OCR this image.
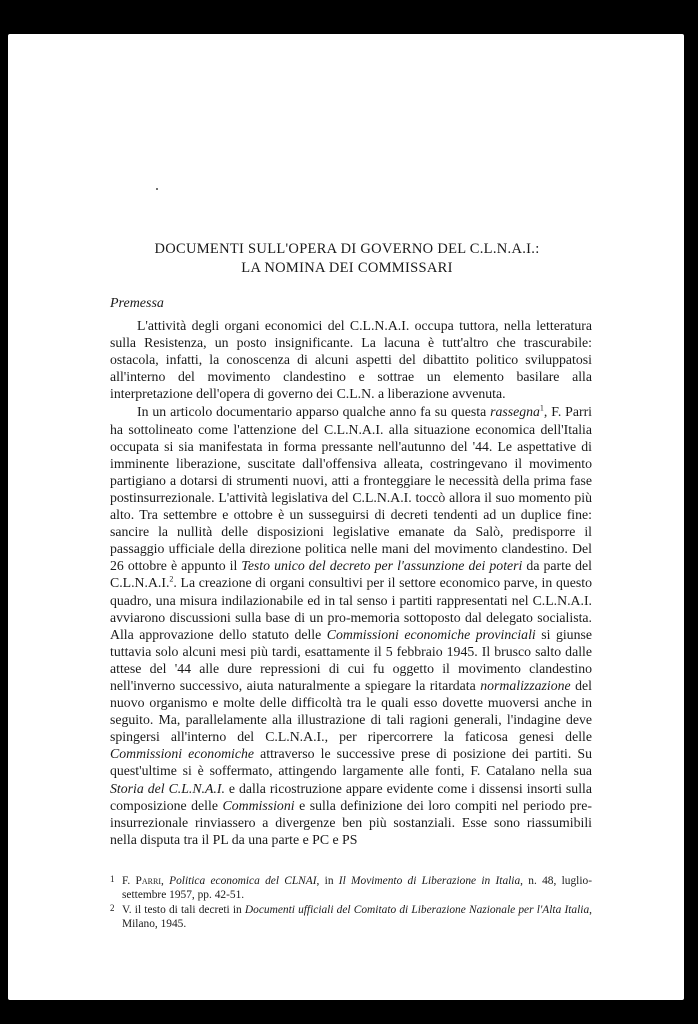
DOCUMENTI SULL'OPERA DI GOVERNO DEL C.L.N.A.I.:
LA NOMINA DEI COMMISSARI
Premessa

L'attività degli organi economici del C.L.N.A.I. occupa tuttora, nella letteratura sulla Resistenza, un posto insignificante. La lacuna è tutt'altro che trascurabile: ostacola, infatti, la conoscenza di alcuni aspetti del dibattito politico sviluppatosi all'interno del movimento clandestino e sottrae un elemento basilare alla interpretazione dell'opera di governo dei C.L.N. a liberazione avvenuta.

In un articolo documentario apparso qualche anno fa su questa rassegna$^1$, F. Parri ha sottolineato come l'attenzione del C.L.N.A.I. alla situazione economica dell'Italia occupata si sia manifestata in forma pressante nell'autunno del '44. Le aspettative di imminente liberazione, suscitate dall'offensiva alleata, costringevano il movimento partigiano a dotarsi di strumenti nuovi, atti a fronteggiare le necessità della prima fase postinsurrezionale. L'attività legislativa del C.L.N.A.I. toccò allora il suo momento più alto. Tra settembre e ottobre è un susseguirsi di decreti tendenti ad un duplice fine: sancire la nullità delle disposizioni legislative emanate da Salò, predisporre il passaggio ufficiale della direzione politica nelle mani del movimento clandestino. Del 26 ottobre è appunto il Testo unico del decreto per l'assunzione dei poteri da parte del C.L.N.A.I.$^2$. La creazione di organi consultivi per il settore economico parve, in questo quadro, una misura indilazionabile ed in tal senso i partiti rappresentati nel C.L.N.A.I. avviarono discussioni sulla base di un pro-memoria sottoposto dal delegato socialista. Alla approvazione dello statuto delle Commissioni economiche provinciali si giunse tuttavia solo alcuni mesi più tardi, esattamente il 5 febbraio 1945. Il brusco salto dalle attese del '44 alle dure repressioni di cui fu oggetto il movimento clandestino nell'inverno successivo, aiuta naturalmente a spiegare la ritardata normalizzazione del nuovo organismo e molte delle difficoltà tra le quali esso dovette muoversi anche in seguito. Ma, parallelamente alla illustrazione di tali ragioni generali, l'indagine deve spingersi all'interno del C.L.N.A.I., per ripercorrere la faticosa genesi delle Commissioni economiche attraverso le successive prese di posizione dei partiti. Su quest'ultime si è soffermato, attingendo largamente alle fonti, F. Catalano nella sua Storia del C.L.N.A.I. e dalla ricostruzione appare evidente come i dissensi insorti sulla composizione delle Commissioni e sulla definizione dei loro compiti nel periodo pre-insurrezionale rinviassero a divergenze ben più sostanziali. Esse sono riassumibili nella disputa tra il PL da una parte e PC e PS

1 F. Parri, Politica economica del CLNAI, in Il Movimento di Liberazione in Italia, n. 48, luglio-settembre 1957, pp. 42-51.
2 V. il testo di tali decreti in Documenti ufficiali del Comitato di Liberazione Nazionale per l'Alta Italia, Milano, 1945.
